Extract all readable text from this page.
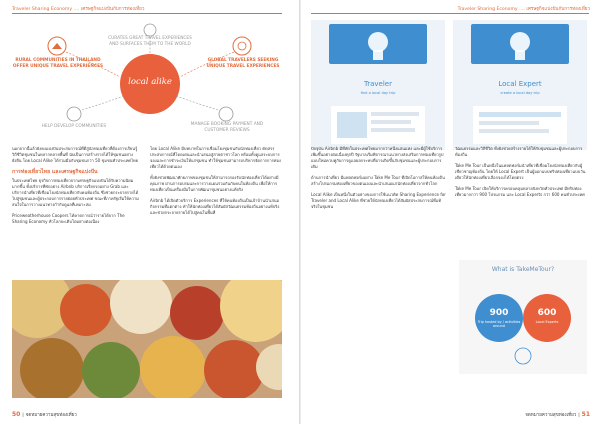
Traveler Sharing Economy .... เศรษฐกิจแบ่งปันกับการท่องเที่ยว
CURATES GREAT TRAVEL EXPERIENCES AND SURFACES THEM TO THE WORLD
RURAL COMMUNITIES IN THAILAND OFFER UNIQUE TRAVEL EXPERIENCES
GLOBAL TRAVELERS SEEKING UNIQUE TRAVEL EXPERIENCES
local alike
HELP DEVELOP COMMUNITIES	MANAGE BOOKING PAYMENT AND CUSTOMER REVIEWS

นอกจากนี้แล้วยังคงแบ่งปันประสบการณ์ที่ดีสู่นักท่องเที่ยวที่ต้องการเรียนรู้วิถีชีวิตชุมชนในหลากหลายพื้นที่ นับเป็นการสร้างรายได้ให้ชุมชนอย่างยั่งยืน โดย Local Alike ได้ร่วมมือกับชุมชนกว่า 50 ชุมชนทั่วประเทศไทย

การท่องเที่ยวไทย และเศรษฐกิจแบ่งปัน

ในประเทศไทย ธุรกิจการท่องเที่ยวจากเศรษฐกิจแบ่งปันได้รับความนิยมมากขึ้น ทั้งบริการที่พักอย่าง Airbnb บริการเรียกรถอย่าง Grab และบริการนำเที่ยวที่เชื่อมโยงนักท่องเที่ยวกับคนท้องถิ่น ซึ่งช่วยกระจายรายได้ไปสู่ชุมชนและผู้ประกอบการรายย่อยทั่วประเทศ ขณะที่ภาครัฐเริ่มให้ความสนใจในการวางแนวทางกำกับดูแลที่เหมาะสม

Priceweatherhouse Coopers ได้คาดการณ์ว่ารายได้จาก The Sharing Economy ทั่วโลกจะเติบโตอย่างต่อเนื่อง

โดย Local Alike มีบทบาทในการเชื่อมโยงชุมชนกับนักท่องเที่ยว คัดสรรประสบการณ์ที่โดดเด่นและนำเสนอสู่สายตาชาวโลก พร้อมทั้งดูแลระบบการจองและการชำระเงินให้แก่ชุมชน ทำให้ชุมชนสามารถบริหารจัดการการท่องเที่ยวได้ด้วยตนเอง

ทั้งยังช่วยพัฒนาศักยภาพของชุมชนให้สามารถรองรับนักท่องเที่ยวได้อย่างมีคุณภาพ ผ่านการอบรมและการวางแผนร่วมกันกับคนในท้องถิ่น เพื่อให้การท่องเที่ยวเป็นเครื่องมือในการพัฒนาชุมชนอย่างแท้จริง

Airbnb ได้เปิดตัวบริการ Experiences ที่ให้คนท้องถิ่นเป็นเจ้าบ้านนำเสนอกิจกรรมที่แตกต่าง ทำให้นักท่องเที่ยวได้สัมผัสวัฒนธรรมท้องถิ่นอย่างแท้จริง และช่วยกระจายรายได้ไปสู่คนในพื้นที่

50 | จดหมายความสุขท่องเที่ยว
Traveler Sharing Economy .... เศรษฐกิจแบ่งปันกับการท่องเที่ยว
Traveler
find a local day trip
Local Expert
create a local day trip

ปัจจุบัน Airbnb มีที่พักในประเทศไทยมากกว่าหนึ่งแสนแห่ง และมีผู้ใช้บริการเพิ่มขึ้นอย่างต่อเนื่องทุกปี รัฐบาลเริ่มพิจารณาแนวทางส่งเสริมการท่องเที่ยวรูปแบบใหม่ควบคู่กับการดูแลผลกระทบที่อาจเกิดขึ้นกับชุมชนและผู้ประกอบการเดิม

ด้านการนำเที่ยว มีแพลตฟอร์มอย่าง Take Me Tour ที่เปิดโอกาสให้คนท้องถิ่นสร้างโปรแกรมท่องเที่ยวของตนเองและนำเสนอแก่นักท่องเที่ยวจากทั่วโลก

Local Alike เป็นหนึ่งในตัวอย่างของการใช้แนวคิด Sharing Experience for Traveler and Local Alike ที่ช่วยให้นักท่องเที่ยวได้สัมผัสประสบการณ์ที่แท้จริงในชุมชน

วัฒนธรรมและวิถีชีวิต ทั้งยังช่วยสร้างรายได้ให้กับชุมชนและผู้ประกอบการท้องถิ่น

Take Me Tour เป็นหนึ่งในแพลตฟอร์มนำเที่ยวที่เชื่อมโยงนักท่องเที่ยวกับผู้เชี่ยวชาญท้องถิ่น โดยให้ Local Expert เป็นผู้ออกแบบทริปท่องเที่ยวแบบวันเดียวให้นักท่องเที่ยวเลือกจองได้โดยตรง

Take Me Tour เปิดให้บริการครอบคลุมหลายจังหวัดทั่วประเทศ มีทริปท่องเที่ยวมากกว่า 900 โปรแกรม และ Local Experts กว่า 600 คนทั่วประเทศ

What is TakeMeTour?
900
Trip hosted by / activities around
600
Local Experts
จดหมายความสุขท่องเที่ยว | 51
